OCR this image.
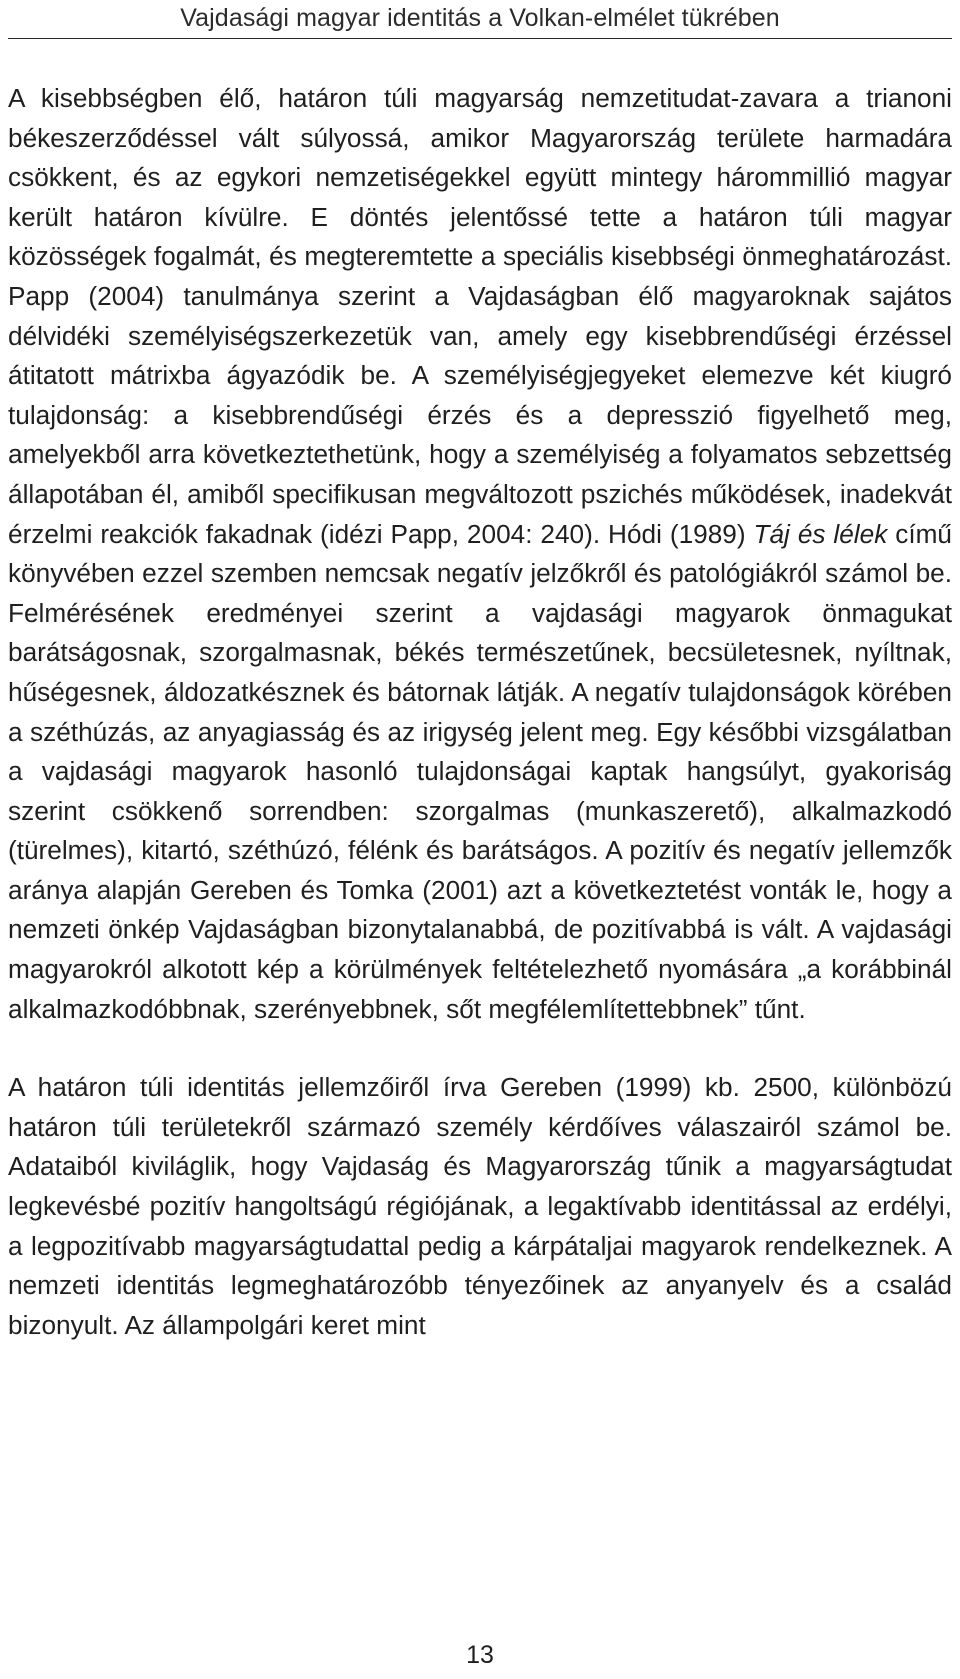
Vajdasági magyar identitás a Volkan-elmélet tükrében

A kisebbségben élő, határon túli magyarság nemzetitudat-zavara a trianoni békeszerződéssel vált súlyossá, amikor Magyarország területe harmadára csökkent, és az egykori nemzetiségekkel együtt mintegy hárommillió magyar került határon kívülre. E döntés jelentőssé tette a határon túli magyar közösségek fogalmát, és megteremtette a speciális kisebbségi önmeghatározást. Papp (2004) tanulmánya szerint a Vajdaságban élő magyaroknak sajátos délvidéki személyiségszerkezetük van, amely egy kisebbrendűségi érzéssel átitatott mátrixba ágyazódik be. A személyiségjegyeket elemezve két kiugró tulajdonság: a kisebbrendűségi érzés és a depresszió figyelhető meg, amelyekből arra következtethetünk, hogy a személyiség a folyamatos sebzettség állapotában él, amiből specifikusan megváltozott pszichés működések, inadekvát érzelmi reakciók fakadnak (idézi Papp, 2004: 240). Hódi (1989) Táj és lélek című könyvében ezzel szemben nemcsak negatív jelzőkről és patológiákról számol be. Felmérésének eredményei szerint a vajdasági magyarok önmagukat barátságosnak, szorgalmasnak, békés természetűnek, becsületesnek, nyíltnak, hűségesnek, áldozatkésznek és bátornak látják. A negatív tulajdonságok körében a széthúzás, az anyagiasság és az irigység jelent meg. Egy későbbi vizsgálatban a vajdasági magyarok hasonló tulajdonságai kaptak hangsúlyt, gyakoriság szerint csökkenő sorrendben: szorgalmas (munkaszerető), alkalmazkodó (türelmes), kitartó, széthúzó, félénk és barátságos. A pozitív és negatív jellemzők aránya alapján Gereben és Tomka (2001) azt a következtetést vonták le, hogy a nemzeti önkép Vajdaságban bizonytalanabbá, de pozitívabbá is vált. A vajdasági magyarokról alkotott kép a körülmények feltételezhető nyomására „a korábbinál alkalmazkodóbbnak, szerényebbnek, sőt megfélemlítettebbnek” tűnt.

A határon túli identitás jellemzőiről írva Gereben (1999) kb. 2500, különbözú határon túli területekről származó személy kérdőíves válaszairól számol be. Adataiból kiviláglik, hogy Vajdaság és Magyarország tűnik a magyarságtudat legkevésbé pozitív hangoltságú régiójának, a legaktívabb identitással az erdélyi, a legpozitívabb magyarságtudattal pedig a kárpátaljai magyarok rendelkeznek. A nemzeti identitás legmeghatározóbb tényezőinek az anyanyelv és a család bizonyult. Az állampolgári keret mint

13
